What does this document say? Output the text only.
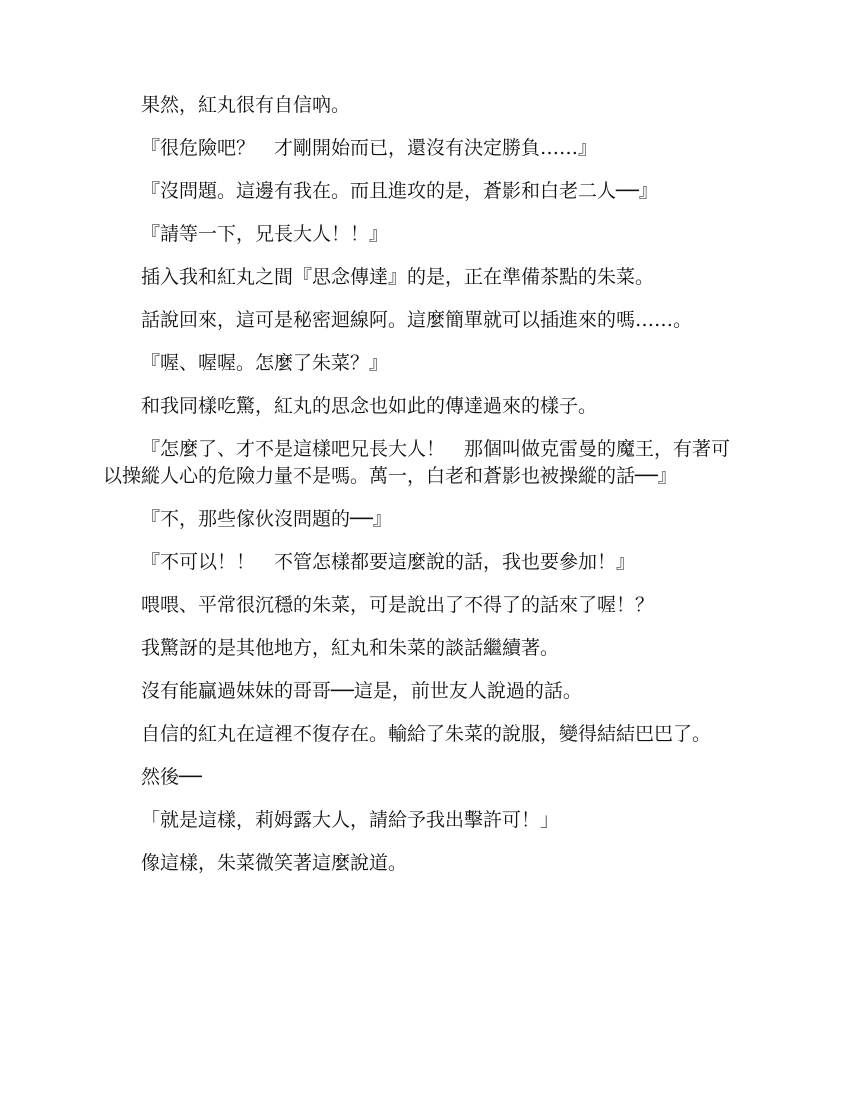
果然，紅丸很有自信吶。

『很危險吧？　才剛開始而已，還沒有決定勝負……』

『沒問題。這邊有我在。而且進攻的是，蒼影和白老二人──』

『請等一下，兄長大人！！』

插入我和紅丸之間『思念傳達』的是，正在準備茶點的朱菜。

話說回來，這可是秘密迴線阿。這麼簡單就可以插進來的嗎……。

『喔、喔喔。怎麼了朱菜？』

和我同樣吃驚，紅丸的思念也如此的傳達過來的樣子。

『怎麼了、才不是這樣吧兄長大人！　那個叫做克雷曼的魔王，有著可以操縱人心的危險力量不是嗎。萬一，白老和蒼影也被操縱的話──』

『不，那些傢伙沒問題的──』

『不可以！！　不管怎樣都要這麼說的話，我也要參加！』

喂喂、平常很沉穩的朱菜，可是說出了不得了的話來了喔！？

我驚訝的是其他地方，紅丸和朱菜的談話繼續著。

沒有能贏過妹妹的哥哥──這是，前世友人說過的話。

自信的紅丸在這裡不復存在。輸給了朱菜的說服，變得結結巴巴了。

然後──

「就是這樣，莉姆露大人，請給予我出擊許可！」

像這樣，朱菜微笑著這麼說道。
